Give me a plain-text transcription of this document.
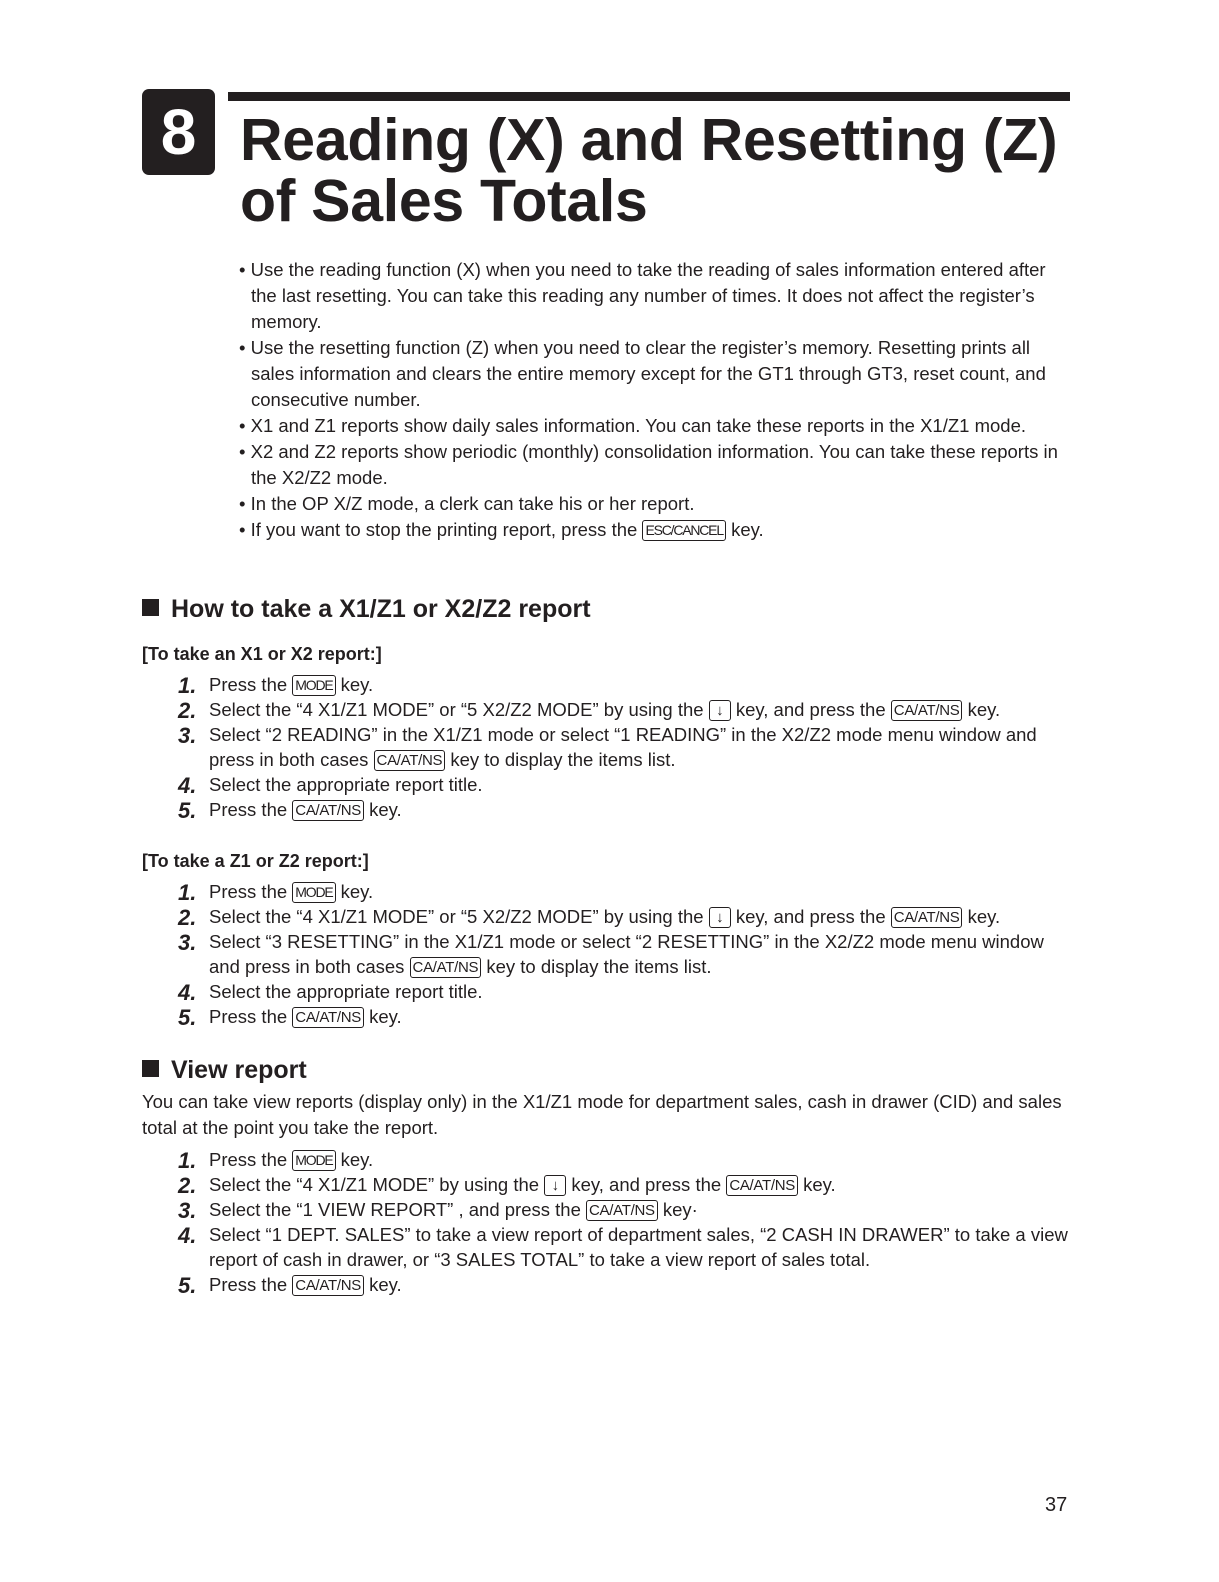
8 Reading (X) and Resetting (Z)
of Sales Totals
• Use the reading function (X) when you need to take the reading of sales information entered after the last resetting. You can take this reading any number of times. It does not affect the register’s memory.
• Use the resetting function (Z) when you need to clear the register’s memory. Resetting prints all sales information and clears the entire memory except for the GT1 through GT3, reset count, and consecutive number.
• X1 and Z1 reports show daily sales information. You can take these reports in the X1/Z1 mode.
• X2 and Z2 reports show periodic (monthly) consolidation information. You can take these reports in the X2/Z2 mode.
• In the OP X/Z mode, a clerk can take his or her report.
• If you want to stop the printing report, press the ESC/CANCEL key.
How to take a X1/Z1 or X2/Z2 report
[To take an X1 or X2 report:]
1. Press the MODE key.
2. Select the “4 X1/Z1 MODE” or “5 X2/Z2 MODE” by using the ↓ key, and press the CA/AT/NS key.
3. Select “2 READING” in the X1/Z1 mode or select “1 READING” in the X2/Z2 mode menu window and press in both cases CA/AT/NS key to display the items list.
4. Select the appropriate report title.
5. Press the CA/AT/NS key.
[To take a Z1 or Z2 report:]
1. Press the MODE key.
2. Select the “4 X1/Z1 MODE” or “5 X2/Z2 MODE” by using the ↓ key, and press the CA/AT/NS key.
3. Select “3 RESETTING” in the X1/Z1 mode or select “2 RESETTING” in the X2/Z2 mode menu window and press in both cases CA/AT/NS key to display the items list.
4. Select the appropriate report title.
5. Press the CA/AT/NS key.
View report

You can take view reports (display only) in the X1/Z1 mode for department sales, cash in drawer (CID) and sales total at the point you take the report.

1. Press the MODE key.
2. Select the “4 X1/Z1 MODE” by using the ↓ key, and press the CA/AT/NS key.
3. Select the “1 VIEW REPORT” , and press the CA/AT/NS key·
4. Select “1 DEPT. SALES” to take a view report of department sales, “2 CASH IN DRAWER” to take a view report of cash in drawer, or “3 SALES TOTAL” to take a view report of sales total.
5. Press the CA/AT/NS key.
37
